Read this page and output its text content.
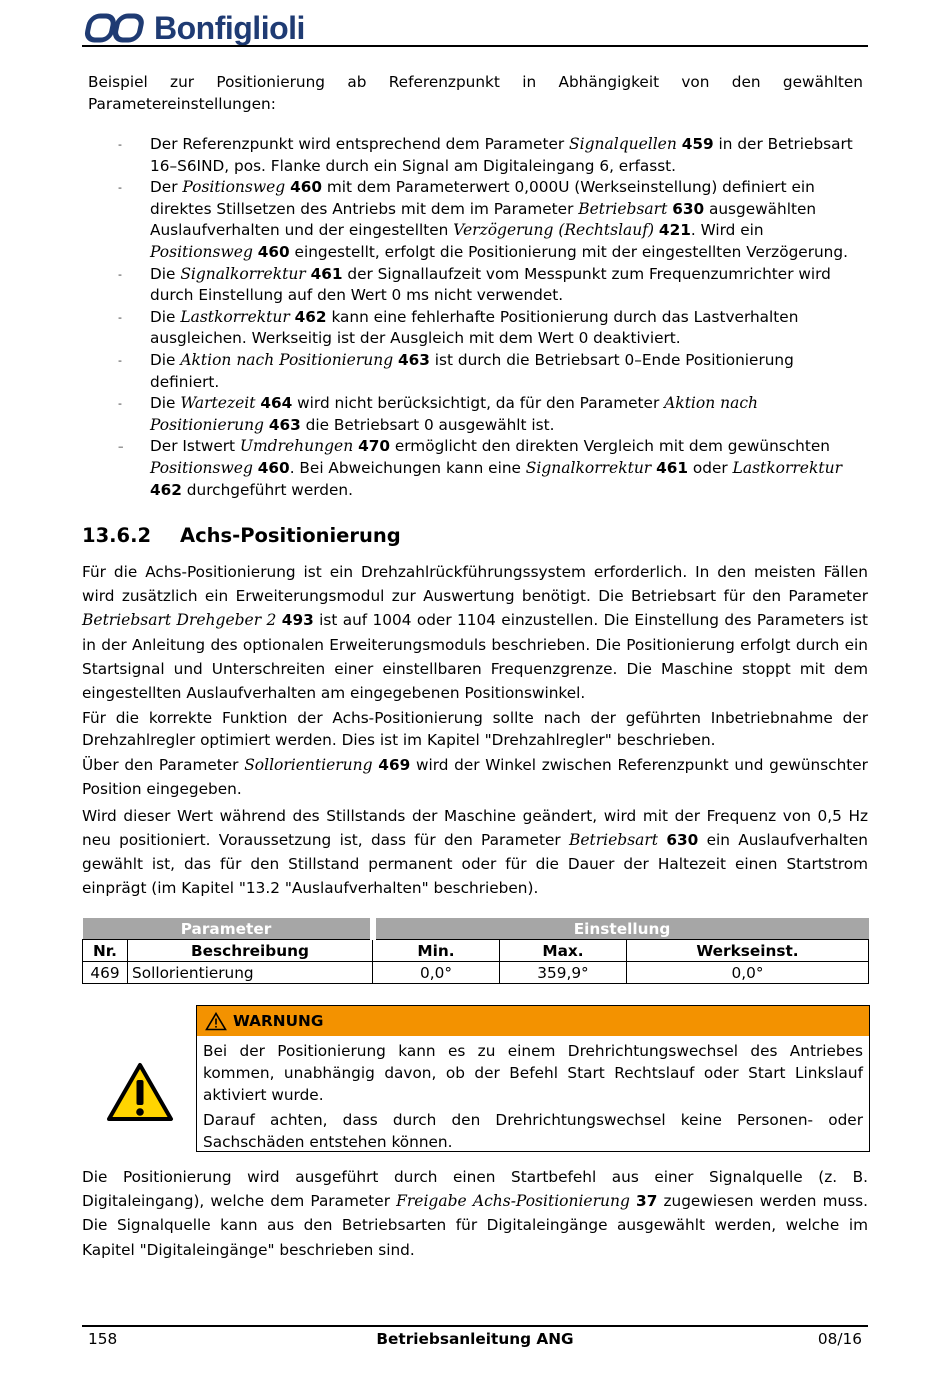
Bonfiglioli
Beispiel zur Positionierung ab Referenzpunkt in Abhängigkeit von den gewählten Parametereinstellungen:
-	Der Referenzpunkt wird entsprechend dem Parameter Signalquellen 459 in der Betriebsart 16–S6IND, pos. Flanke durch ein Signal am Digitaleingang 6, erfasst.
-	Der Positionsweg 460 mit dem Parameterwert 0,000U (Werkseinstellung) definiert ein direktes Stillsetzen des Antriebs mit dem im Parameter Betriebsart 630 ausgewählten Auslaufverhalten und der eingestellten Verzögerung (Rechtslauf) 421. Wird ein Positionsweg 460 eingestellt, erfolgt die Positionierung mit der eingestellten Verzögerung.
-	Die Signalkorrektur 461 der Signallaufzeit vom Messpunkt zum Frequenzumrichter wird durch Einstellung auf den Wert 0 ms nicht verwendet.
-	Die Lastkorrektur 462 kann eine fehlerhafte Positionierung durch das Lastverhalten ausgleichen. Werkseitig ist der Ausgleich mit dem Wert 0 deaktiviert.
-	Die Aktion nach Positionierung 463 ist durch die Betriebsart 0–Ende Positionierung definiert.
-	Die Wartezeit 464 wird nicht berücksichtigt, da für den Parameter Aktion nach Positionierung 463 die Betriebsart 0 ausgewählt ist.
–	Der Istwert Umdrehungen 470 ermöglicht den direkten Vergleich mit dem gewünschten Positionsweg 460. Bei Abweichungen kann eine Signalkorrektur 461 oder Lastkorrektur 462 durchgeführt werden.
13.6.2 Achs-Positionierung

Für die Achs-Positionierung ist ein Drehzahlrückführungssystem erforderlich. In den meisten Fällen wird zusätzlich ein Erweiterungsmodul zur Auswertung benötigt. Die Betriebsart für den Parameter Betriebsart Drehgeber 2 493 ist auf 1004 oder 1104 einzustellen. Die Einstellung des Parameters ist in der Anleitung des optionalen Erweiterungsmoduls beschrieben. Die Positionierung erfolgt durch ein Startsignal und Unterschreiten einer einstellbaren Frequenzgrenze. Die Maschine stoppt mit dem eingestellten Auslaufverhalten am eingegebenen Positionswinkel.

Für die korrekte Funktion der Achs-Positionierung sollte nach der geführten Inbetriebnahme der Drehzahlregler optimiert werden. Dies ist im Kapitel "Drehzahlregler" beschrieben.

Über den Parameter Sollorientierung 469 wird der Winkel zwischen Referenzpunkt und gewünschter Position eingegeben.

Wird dieser Wert während des Stillstands der Maschine geändert, wird mit der Frequenz von 0,5 Hz neu positioniert. Voraussetzung ist, dass für den Parameter Betriebsart 630 ein Auslaufverhalten gewählt ist, das für den Stillstand permanent oder für die Dauer der Haltezeit einen Startstrom einprägt (im Kapitel "13.2 "Auslaufverhalten" beschrieben).

Parameter		Einstellung		
Nr.	Beschreibung	Min.	Max.	Werkseinst.
469	Sollorientierung	0,0°	359,9°	0,0°
WARNUNG

Bei der Positionierung kann es zu einem Drehrichtungswechsel des Antriebes kommen, unabhängig davon, ob der Befehl Start Rechtslauf oder Start Linkslauf aktiviert wurde.

Darauf achten, dass durch den Drehrichtungswechsel keine Personen- oder Sachschäden entstehen können.

Die Positionierung wird ausgeführt durch einen Startbefehl aus einer Signalquelle (z. B. Digitaleingang), welche dem Parameter Freigabe Achs-Positionierung 37 zugewiesen werden muss. Die Signalquelle kann aus den Betriebsarten für Digitaleingänge ausgewählt werden, welche im Kapitel "Digitaleingänge" beschrieben sind.

158	Betriebsanleitung ANG	08/16
